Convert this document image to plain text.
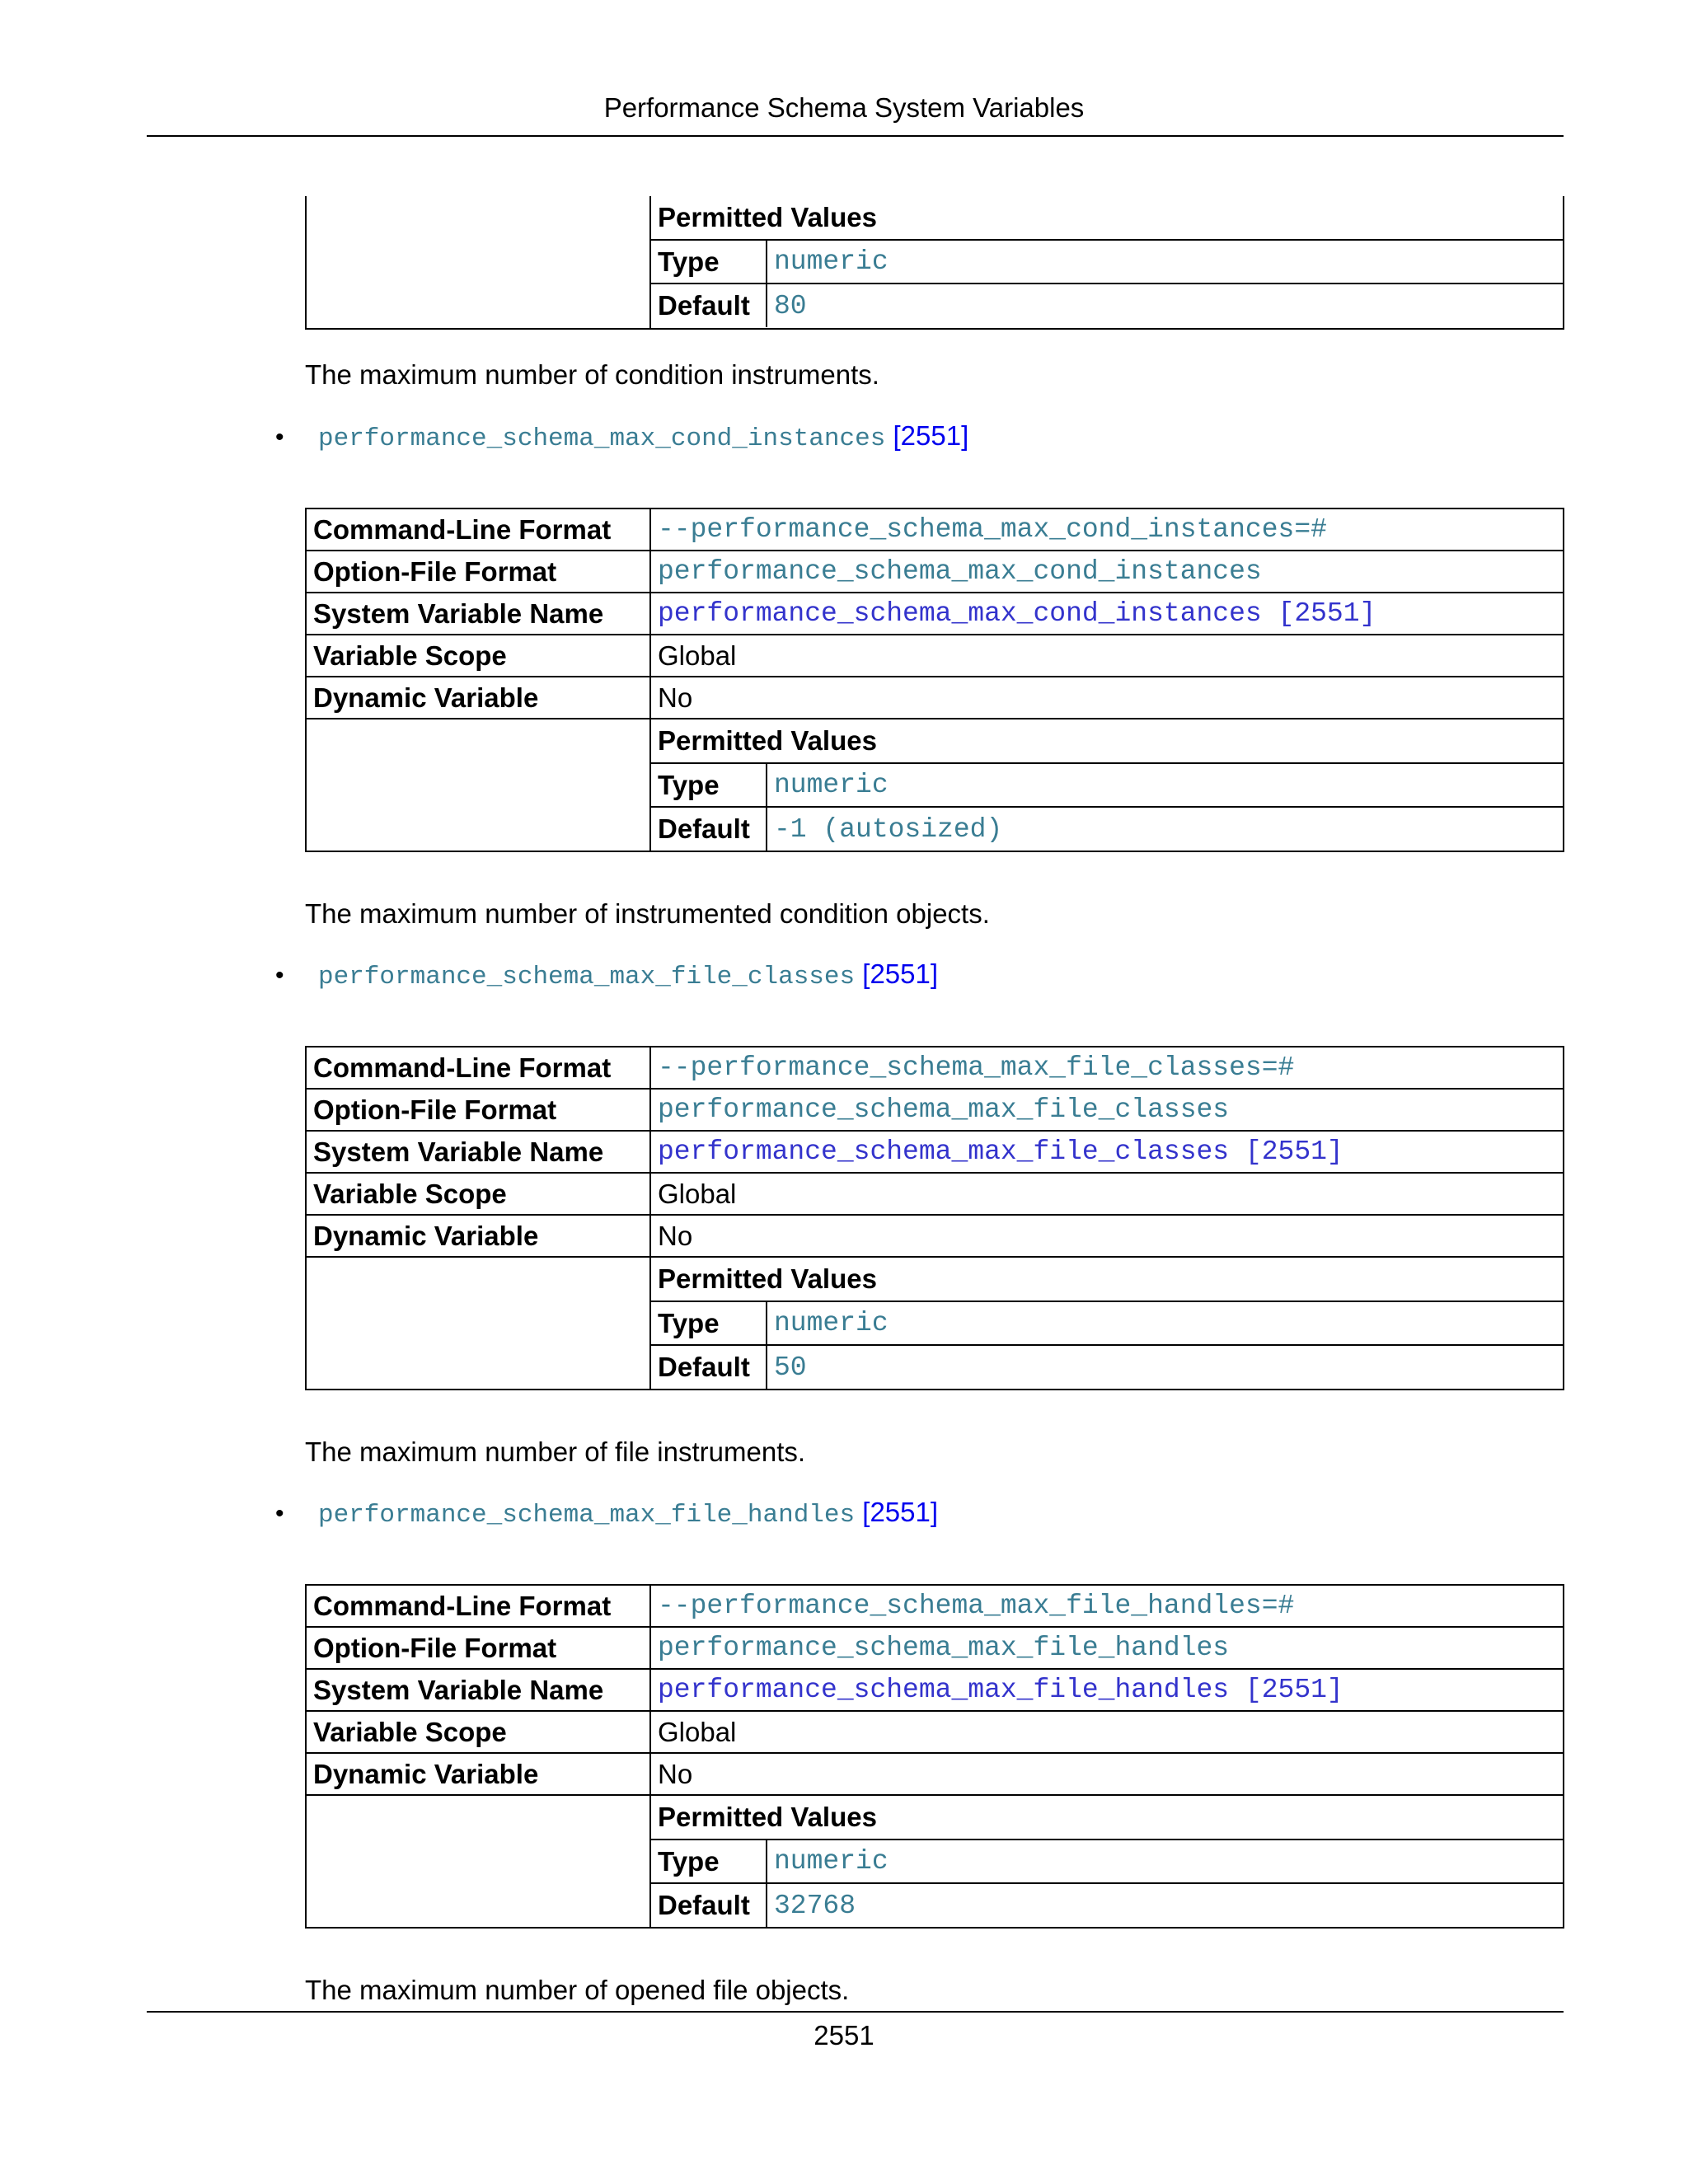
Performance Schema System Variables
Permitted Values	
Type	numeric
Default	80
The maximum number of condition instruments.
• performance_schema_max_cond_instances [2551]
Command-Line Format	--performance_schema_max_cond_instances=#
Option-File Format	performance_schema_max_cond_instances
System Variable Name	performance_schema_max_cond_instances [2551]
Variable Scope	Global
Dynamic Variable	No

Permitted Values
Type	numeric
Default	-1 (autosized)
The maximum number of instrumented condition objects.
• performance_schema_max_file_classes [2551]
Command-Line Format	--performance_schema_max_file_classes=#
Option-File Format	performance_schema_max_file_classes
System Variable Name	performance_schema_max_file_classes [2551]
Variable Scope	Global
Dynamic Variable	No

Permitted Values
Type	numeric
Default	50
The maximum number of file instruments.
• performance_schema_max_file_handles [2551]
Command-Line Format	--performance_schema_max_file_handles=#
Option-File Format	performance_schema_max_file_handles
System Variable Name	performance_schema_max_file_handles [2551]
Variable Scope	Global
Dynamic Variable	No

Permitted Values
Type	numeric
Default	32768
The maximum number of opened file objects.
2551
